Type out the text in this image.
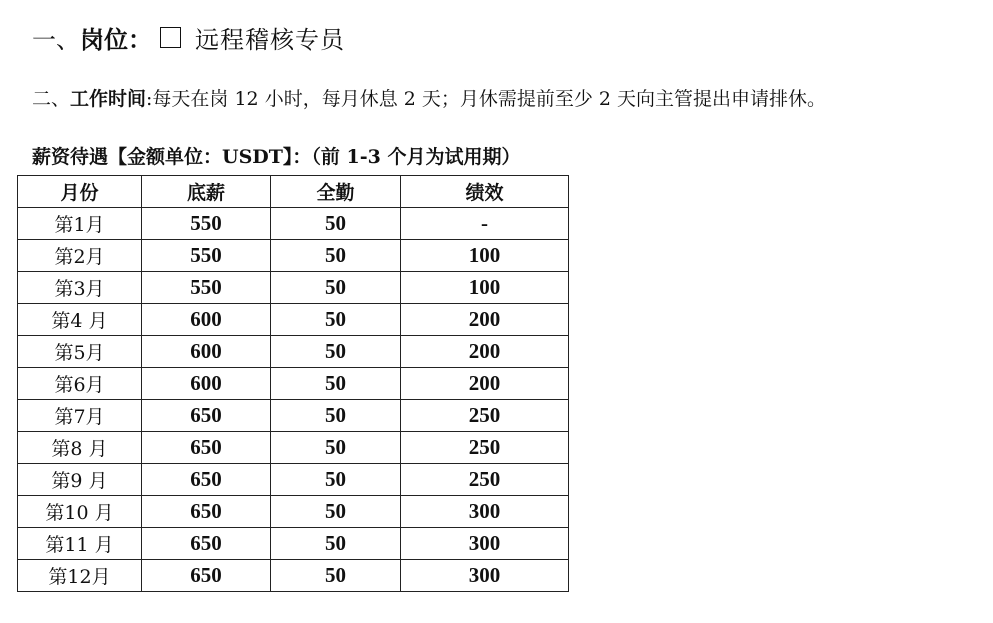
一、 岗位： 远程稽核专员
二、工作时间:每天在岗 12 小时，每月休息 2 天；月休需提前至少 2 天向主管提出申请排休。
薪资待遇【金额单位：USDT】：（前 1-3 个月为试用期）
月份	底薪	全勤	绩效
第1月	550	50	-
第2月	550	50	100
第3月	550	50	100
第4 月	600	50	200
第5月	600	50	200
第6月	600	50	200
第7月	650	50	250
第8 月	650	50	250
第9 月	650	50	250
第10 月	650	50	300
第11 月	650	50	300
第12月	650	50	300
